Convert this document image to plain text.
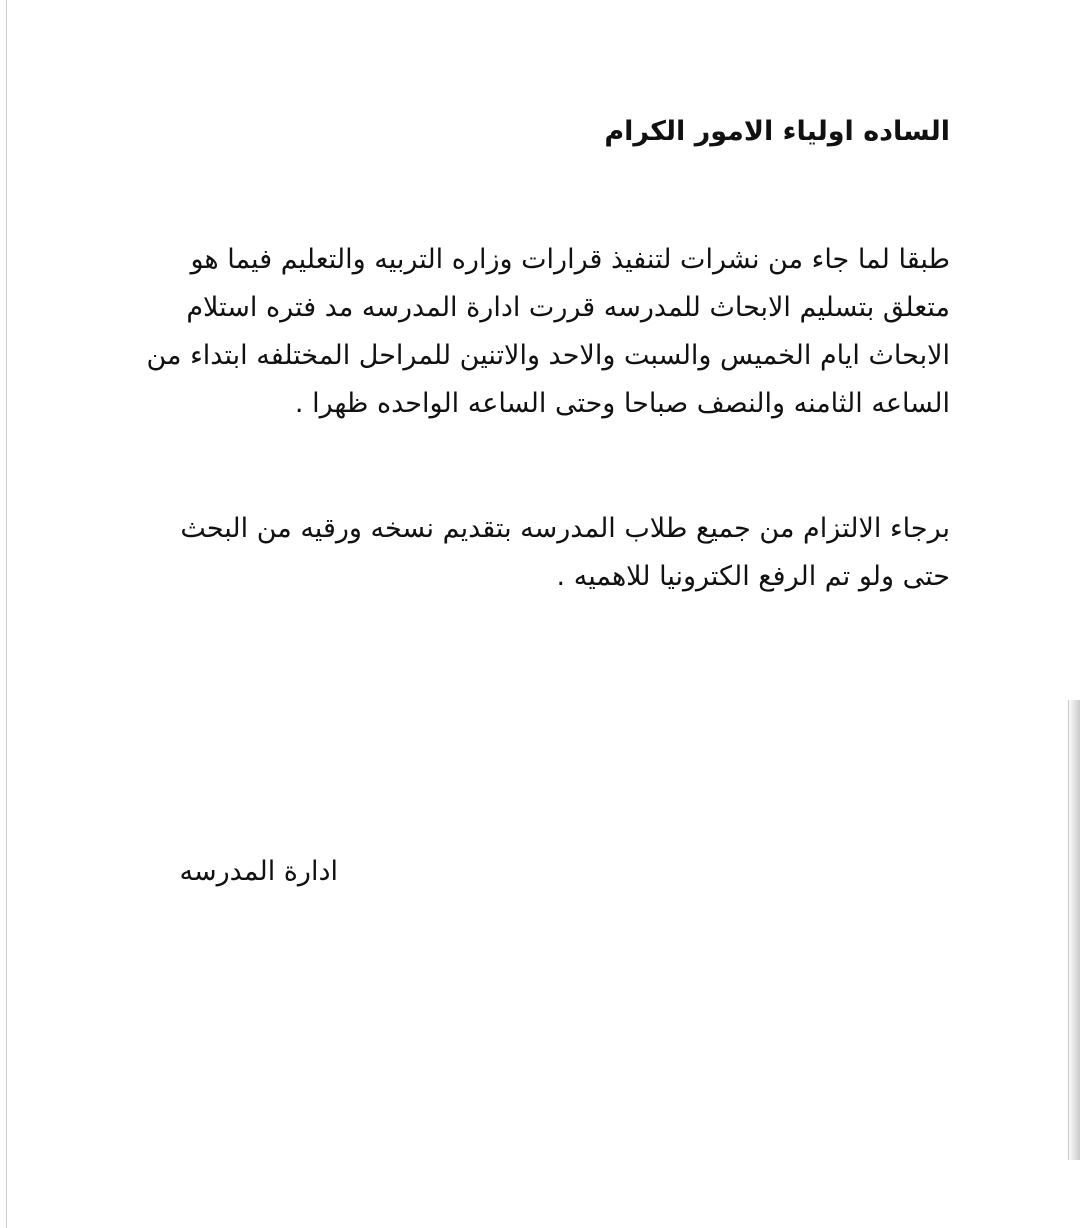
الساده اولياء الامور الكرام
طبقا لما جاء من نشرات لتنفيذ قرارات وزاره التربيه والتعليم فيما هو
متعلق بتسليم الابحاث للمدرسه قررت ادارة المدرسه مد فتره استلام
الابحاث ايام الخميس والسبت والاحد والاتنين للمراحل المختلفه ابتداء من
الساعه الثامنه والنصف صباحا وحتى الساعه الواحده ظهرا .
برجاء الالتزام من جميع طلاب المدرسه بتقديم نسخه ورقيه من البحث
حتى ولو تم الرفع الكترونيا للاهميه .
ادارة المدرسه
